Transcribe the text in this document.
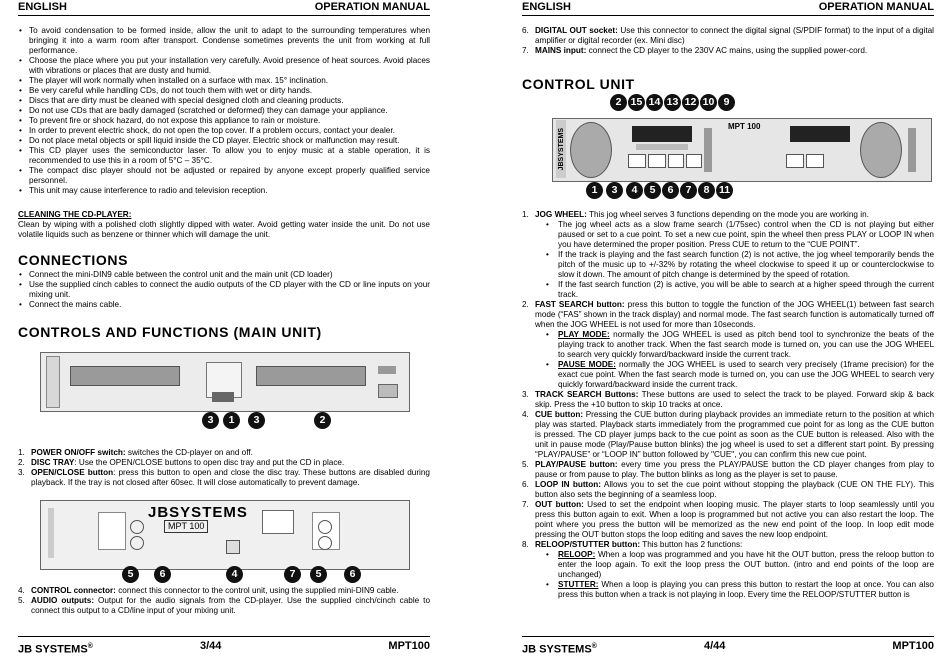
ENGLISH	OPERATION MANUAL
• To avoid condensation to be formed inside, allow the unit to adapt to the surrounding temperatures when bringing it into a warm room after transport. Condense sometimes prevents the unit from working at full performance.
• Choose the place where you put your installation very carefully. Avoid presence of heat sources. Avoid places with vibrations or places that are dusty and humid.
• The player will work normally when installed on a surface with max. 15° inclination.
• Be very careful while handling CDs, do not touch them with wet or dirty hands.
• Discs that are dirty must be cleaned with special designed cloth and cleaning products.
• Do not use CDs that are badly damaged (scratched or deformed) they can damage your appliance.
• To prevent fire or shock hazard, do not expose this appliance to rain or moisture.
• In order to prevent electric shock, do not open the top cover. If a problem occurs, contact your dealer.
• Do not place metal objects or spill liquid inside the CD player. Electric shock or malfunction may result.
• This CD player uses the semiconductor laser. To allow you to enjoy music at a stable operation, it is recommended to use this in a room of 5°C – 35°C.
• The compact disc player should not be adjusted or repaired by anyone except properly qualified service personnel.
• This unit may cause interference to radio and television reception.
CLEANING THE CD-PLAYER:
Clean by wiping with a polished cloth slightly dipped with water. Avoid getting water inside the unit. Do not use volatile liquids such as benzene or thinner which will damage the unit.
CONNECTIONS
• Connect the mini-DIN9 cable between the control unit and the main unit (CD loader)
• Use the supplied cinch cables to connect the audio outputs of the CD player with the CD or line inputs on your mixing unit.
• Connect the mains cable.
CONTROLS AND FUNCTIONS (MAIN UNIT)
3	1	3	2
1. POWER ON/OFF switch: switches the CD-player on and off.
2. DISC TRAY: Use the OPEN/CLOSE buttons to open disc tray and put the CD in place.
3. OPEN/CLOSE button: press this button to open and close the disc tray. These buttons are disabled during playback. If the tray is not closed after 60sec. It will close automatically to prevent damage.
JBSYSTEMS
MPT 100
5	6	4	7	5	6
4. CONTROL connector: connect this connector to the control unit, using the supplied mini-DIN9 cable.
5. AUDIO outputs: Output for the audio signals from the CD-player. Use the supplied cinch/cinch cable to connect this output to a CD/line input of your mixing unit.
JB SYSTEMS®	3/44	MPT100
ENGLISH	OPERATION MANUAL
6. DIGITAL OUT socket: Use this connector to connect the digital signal (S/PDIF format) to the input of a digital amplifier or digital recorder (ex. Mini disc)
7. MAINS input: connect the CD player to the 230V AC mains, using the supplied power-cord.
CONTROL UNIT
2 15 14 13 12 10 9
MPT 100
1	3	4	5	6	7	8 11
JBSYSTEMS
1. JOG WHEEL: This jog wheel serves 3 functions depending on the mode you are working in.
• The jog wheel acts as a slow frame search (1/75sec) control when the CD is not playing but either paused or set to a cue point. To set a new cue point, spin the wheel then press PLAY or LOOP IN when you have determined the proper position. Press CUE to return to the “CUE POINT”.
• If the track is playing and the fast search function (2) is not active, the jog wheel temporarily bends the pitch of the music up to +/-32% by rotating the wheel clockwise to speed it up or counterclockwise to slow it down. The amount of pitch change is determined by the speed of rotation.
• If the fast search function (2) is active, you will be able to search at a higher speed through the current track.
2. FAST SEARCH button: press this button to toggle the function of the JOG WHEEL(1) between fast search mode (“FAS” shown in the track display) and normal mode. The fast search function is automatically turned off when the JOG WHEEL is not used for more than 10seconds.
• PLAY MODE: normally the JOG WHEEL is used as pitch bend tool to synchronize the beats of the playing track to another track. When the fast search mode is turned on, you can use the JOG WHEEL to search very quickly forward/backward inside the current track.
• PAUSE MODE: normally the JOG WHEEL is used to search very precisely (1frame precision) for the exact cue point. When the fast search mode is turned on, you can use the JOG WHEEL to search very quickly forward/backward inside the current track.
3. TRACK SEARCH Buttons: These buttons are used to select the track to be played. Forward skip & back skip. Press the +10 button to skip 10 tracks at once.
4. CUE button: Pressing the CUE button during playback provides an immediate return to the position at which play was started. Playback starts immediately from the programmed cue point for as long as the CUE button is pressed. The CD player jumps back to the cue point as soon as the CUE button is released. Also with the unit in pause mode (Play/Pause button blinks) the jog wheel is used to set a different start point. By pressing “PLAY/PAUSE” or “LOOP IN” button followed by "CUE", you can confirm this new cue point.
5. PLAY/PAUSE button: every time you press the PLAY/PAUSE button the CD player changes from play to pause or from pause to play. The button blinks as long as the player is set to pause.
6. LOOP IN button: Allows you to set the cue point without stopping the playback (CUE ON THE FLY). This button also sets the beginning of a seamless loop.
7. OUT button: Used to set the endpoint when looping music. The player starts to loop seamlessly until you press this button again to exit. When a loop is programmed but not active you can also restart the loop. The point where you press the button will be memorized as the new end point of the loop. In loop edit mode pressing the OUT button stops the loop editing and saves the new loop endpoint.
8. RELOOP/STUTTER button: This button has 2 functions:
• RELOOP: When a loop was programmed and you have hit the OUT button, press the reloop button to enter the loop again. To exit the loop press the OUT button. (intro and end points of the loop are unchanged)
• STUTTER: When a loop is playing you can press this button to restart the loop at once. You can also press this button when a track is not playing in loop. Every time the RELOOP/STUTTER button is
JB SYSTEMS®	4/44	MPT100
